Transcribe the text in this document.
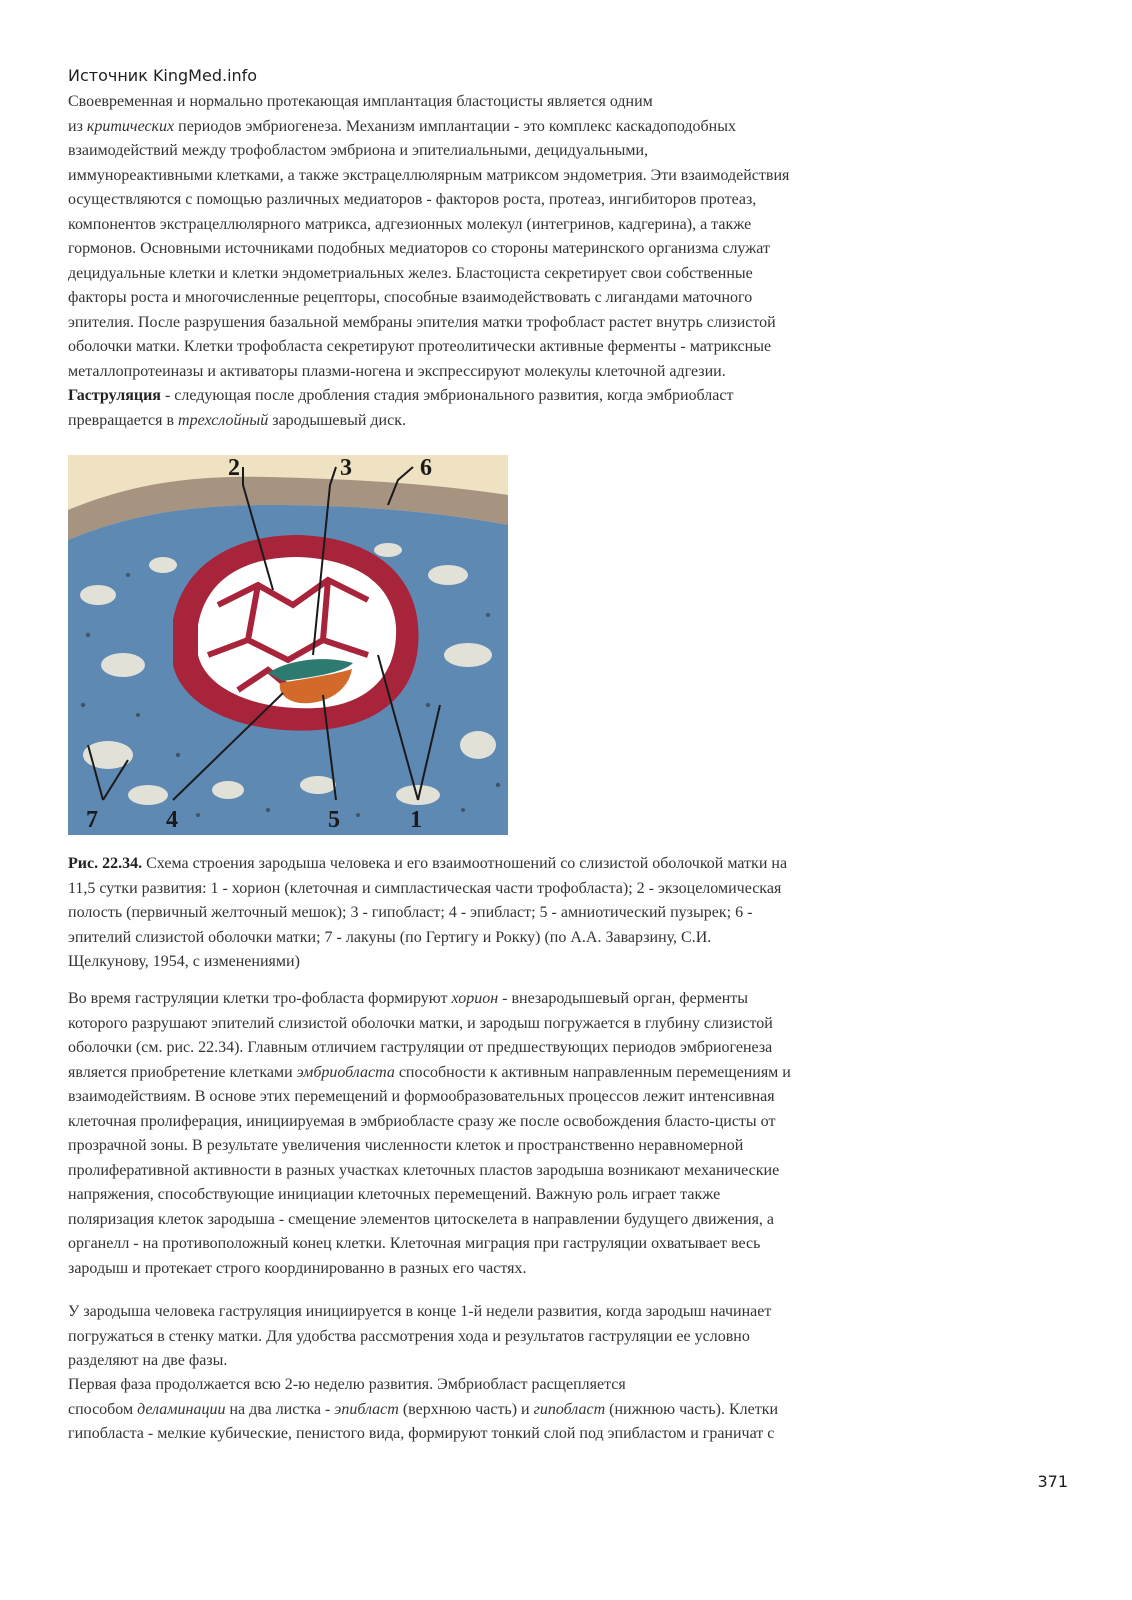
Источник KingMed.info
Своевременная и нормально протекающая имплантация бластоцисты является одним
из критических периодов эмбриогенеза. Механизм имплантации - это комплекс каскадоподобных
взаимодействий между трофобластом эмбриона и эпителиальными, децидуальными,
иммунореактивными клетками, а также экстрацеллюлярным матриксом эндометрия. Эти взаимодействия
осуществляются с помощью различных медиаторов - факторов роста, протеаз, ингибиторов протеаз,
компонентов экстрацеллюлярного матрикса, адгезионных молекул (интегринов, кадгерина), а также
гормонов. Основными источниками подобных медиаторов со стороны материнского организма служат
децидуальные клетки и клетки эндометриальных желез. Бластоциста секретирует свои собственные
факторы роста и многочисленные рецепторы, способные взаимодействовать с лигандами маточного
эпителия. После разрушения базальной мембраны эпителия матки трофобласт растет внутрь слизистой
оболочки матки. Клетки трофобласта секретируют протеолитически активные ферменты - матриксные
металлопротеиназы и активаторы плазми-ногена и экспрессируют молекулы клеточной адгезии.
Гаструляция - следующая после дробления стадия эмбрионального развития, когда эмбриобласт
превращается в трехслойный зародышевый диск.
2	3	6
7	4	5	1
Рис. 22.34. Схема строения зародыша человека и его взаимоотношений со слизистой оболочкой матки на
11,5 сутки развития: 1 - хорион (клеточная и симпластическая части трофобласта); 2 - экзоцеломическая
полость (первичный желточный мешок); 3 - гипобласт; 4 - эпибласт; 5 - амниотический пузырек; 6 -
эпителий слизистой оболочки матки; 7 - лакуны (по Гертигу и Рокку) (по А.А. Заварзину, С.И.
Щелкунову, 1954, с изменениями)
Во время гаструляции клетки тро-фобласта формируют хорион - внезародышевый орган, ферменты
которого разрушают эпителий слизистой оболочки матки, и зародыш погружается в глубину слизистой
оболочки (см. рис. 22.34). Главным отличием гаструляции от предшествующих периодов эмбриогенеза
является приобретение клетками эмбриобласта способности к активным направленным перемещениям и
взаимодействиям. В основе этих перемещений и формообразовательных процессов лежит интенсивная
клеточная пролиферация, инициируемая в эмбриобласте сразу же после освобождения бласто-цисты от
прозрачной зоны. В результате увеличения численности клеток и пространственно неравномерной
пролиферативной активности в разных участках клеточных пластов зародыша возникают механические
напряжения, способствующие инициации клеточных перемещений. Важную роль играет также
поляризация клеток зародыша - смещение элементов цитоскелета в направлении будущего движения, а
органелл - на противоположный конец клетки. Клеточная миграция при гаструляции охватывает весь
зародыш и протекает строго координированно в разных его частях.
У зародыша человека гаструляция инициируется в конце 1-й недели развития, когда зародыш начинает
погружаться в стенку матки. Для удобства рассмотрения хода и результатов гаструляции ее условно
разделяют на две фазы.
Первая фаза продолжается всю 2-ю неделю развития. Эмбриобласт расщепляется
способом деламинации на два листка - эпибласт (верхнюю часть) и гипобласт (нижнюю часть). Клетки
гипобласта - мелкие кубические, пенистого вида, формируют тонкий слой под эпибластом и граничат с
371
